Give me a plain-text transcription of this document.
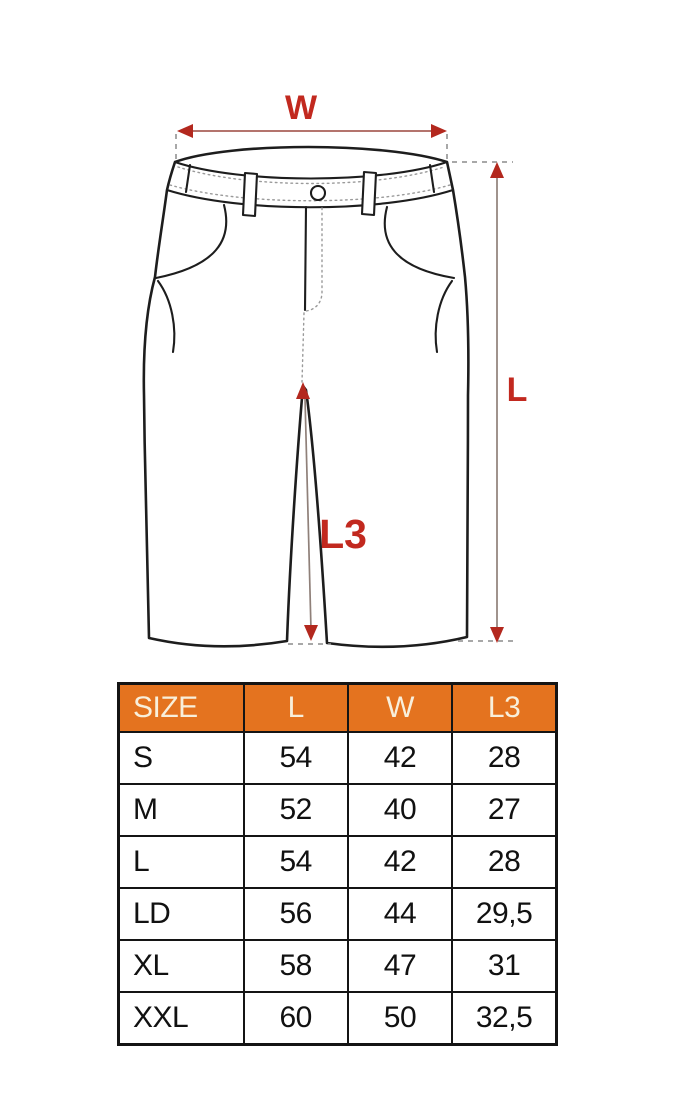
W
L
L3
SIZE	L	W	L3
S	54	42	28
M	52	40	27
L	54	42	28
LD	56	44	29,5
XL	58	47	31
XXL	60	50	32,5
